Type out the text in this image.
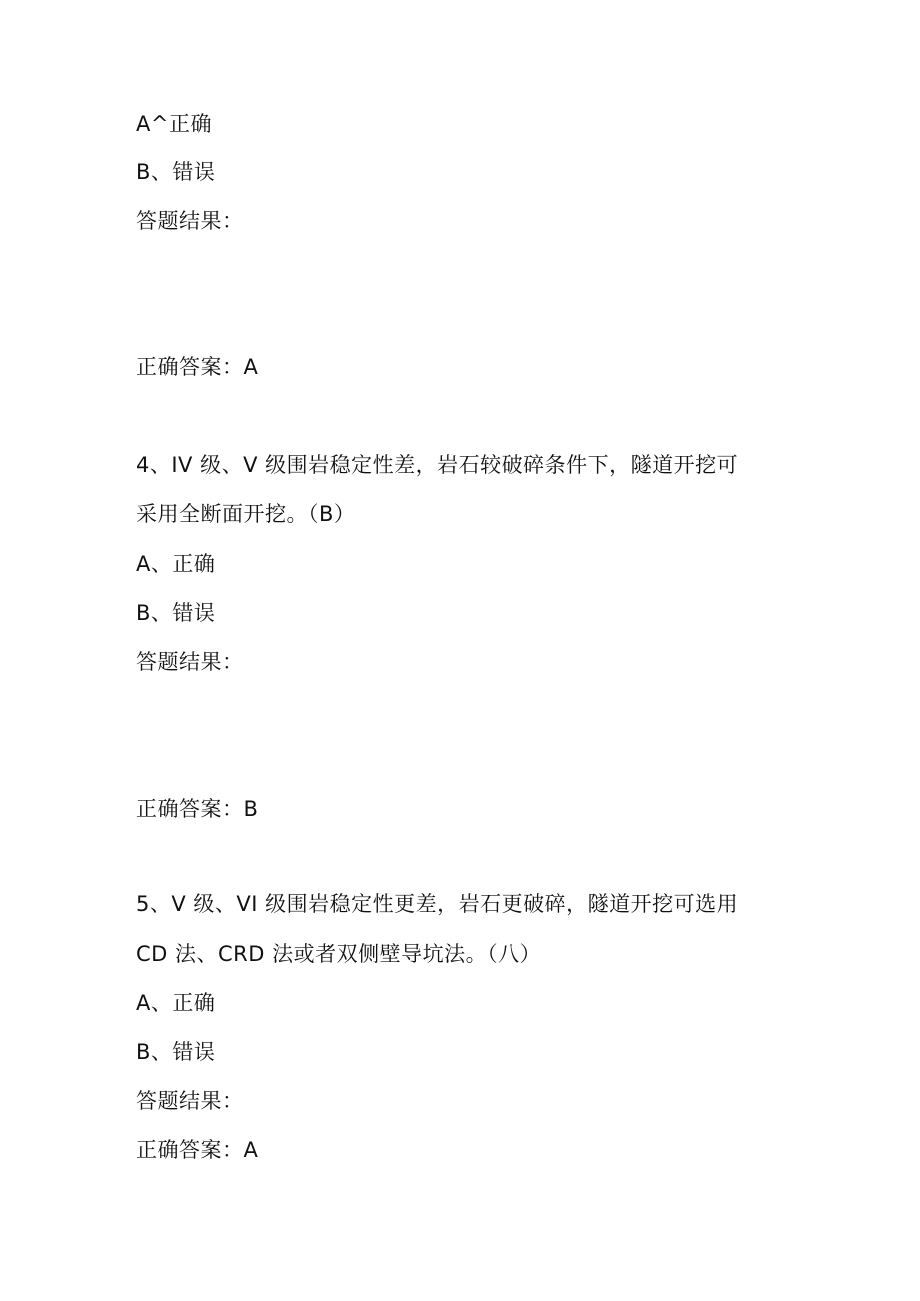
A^正确
B、错误
答题结果：
正确答案：A
4、IV 级、V 级围岩稳定性差，岩石较破碎条件下，隧道开挖可
采用全断面开挖。（B）
A、正确
B、错误
答题结果：
正确答案：B
5、V 级、VI 级围岩稳定性更差，岩石更破碎，隧道开挖可选用
CD 法、CRD 法或者双侧壁导坑法。（八）
A、正确
B、错误
答题结果：
正确答案：A
